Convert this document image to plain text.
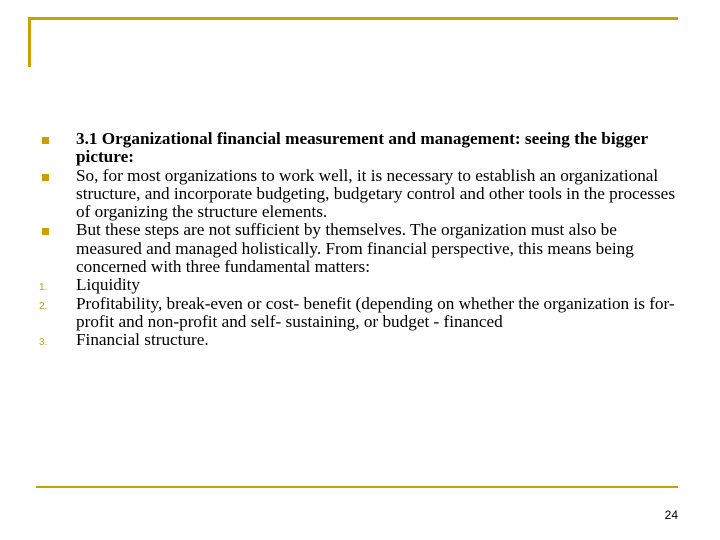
3.1 Organizational financial measurement and management: seeing the bigger picture:

So, for most organizations to work well, it is necessary to establish an organizational structure, and incorporate budgeting, budgetary control and other tools in the processes of organizing the structure elements.

But these steps are not sufficient by themselves. The organization must also be measured and managed holistically. From financial perspective, this means being concerned with three fundamental matters:

1. Liquidity

2. Profitability, break-even or cost- benefit (depending on whether the organization is for- profit and non-profit and self- sustaining, or budget - financed

3. Financial structure.

24
